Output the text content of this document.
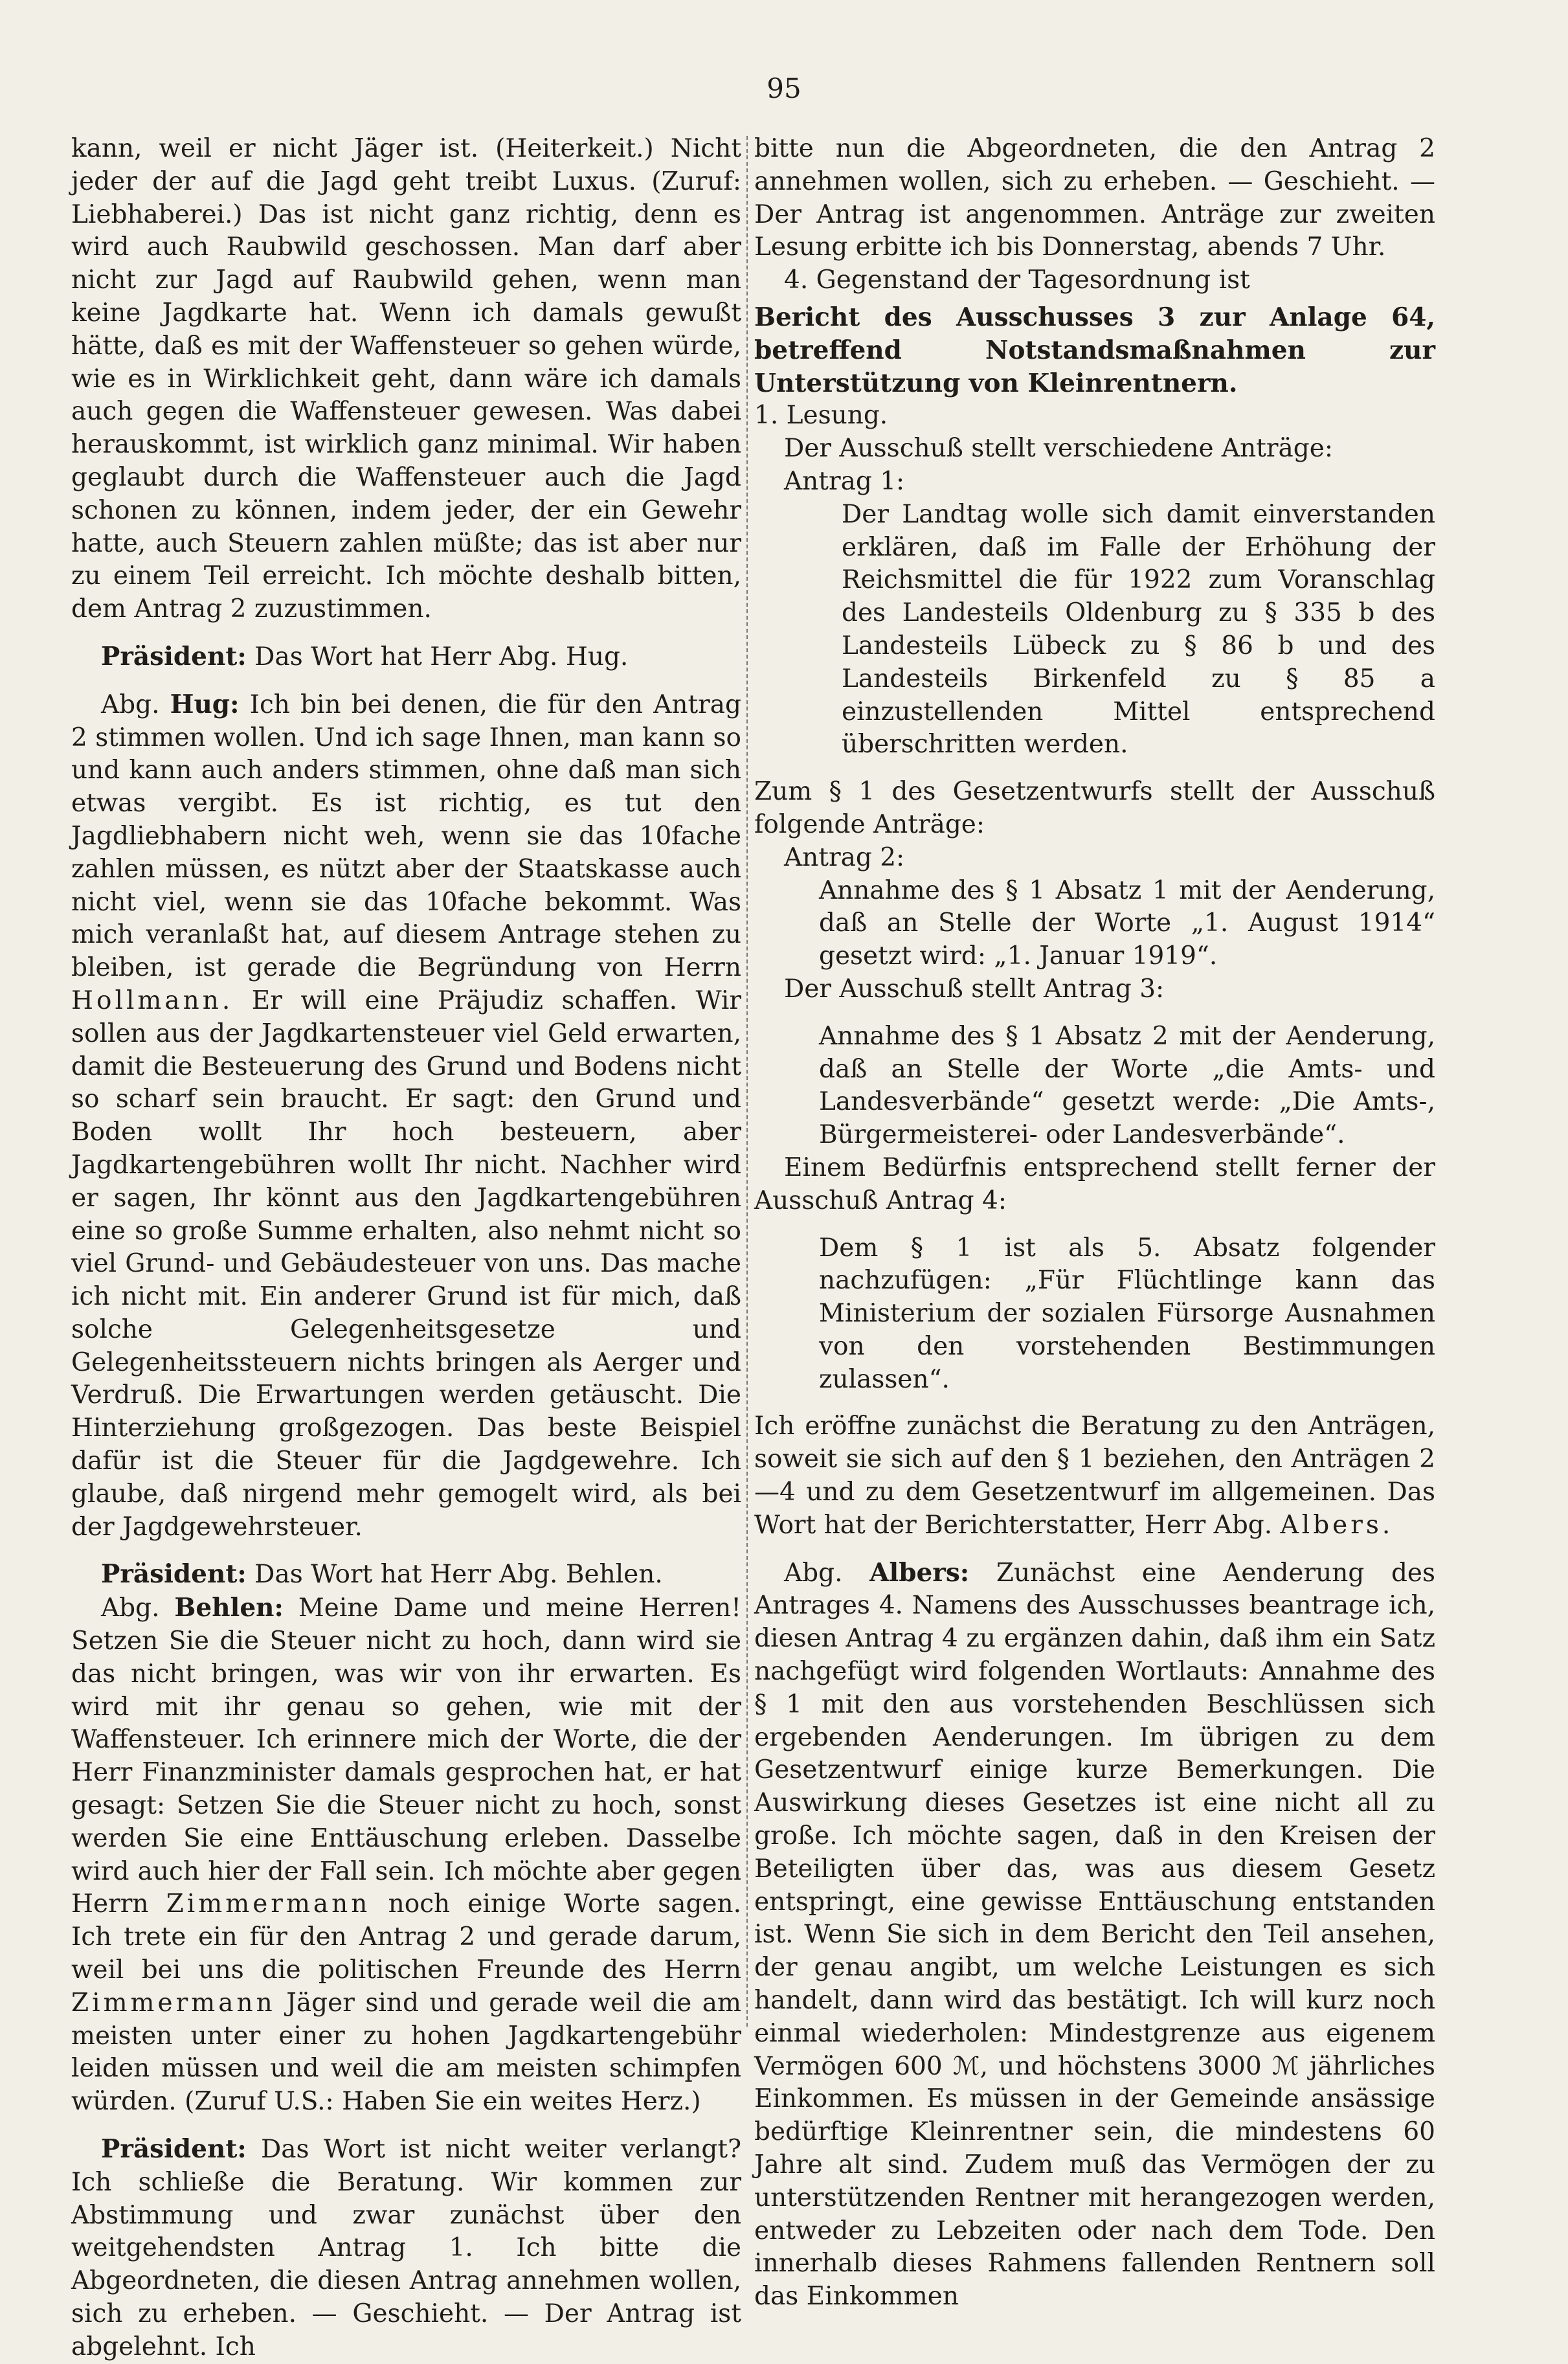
95

kann, weil er nicht Jäger ist. (Heiterkeit.) Nicht jeder der auf die Jagd geht treibt Luxus. (Zuruf: Liebhaberei.) Das ist nicht ganz richtig, denn es wird auch Raubwild geschossen. Man darf aber nicht zur Jagd auf Raubwild gehen, wenn man keine Jagdkarte hat. Wenn ich damals gewußt hätte, daß es mit der Waffensteuer so gehen würde, wie es in Wirklichkeit geht, dann wäre ich damals auch gegen die Waffensteuer gewesen. Was dabei herauskommt, ist wirklich ganz minimal. Wir haben geglaubt durch die Waffensteuer auch die Jagd schonen zu können, indem jeder, der ein Gewehr hatte, auch Steuern zahlen müßte; das ist aber nur zu einem Teil erreicht. Ich möchte deshalb bitten, dem Antrag 2 zuzustimmen.

Präsident: Das Wort hat Herr Abg. Hug.

Abg. Hug: Ich bin bei denen, die für den Antrag 2 stimmen wollen. Und ich sage Ihnen, man kann so und kann auch anders stimmen, ohne daß man sich etwas vergibt. Es ist richtig, es tut den Jagdliebhabern nicht weh, wenn sie das 10fache zahlen müssen, es nützt aber der Staatskasse auch nicht viel, wenn sie das 10fache bekommt. Was mich veranlaßt hat, auf diesem Antrage stehen zu bleiben, ist gerade die Begründung von Herrn Hollmann. Er will eine Präjudiz schaffen. Wir sollen aus der Jagdkartensteuer viel Geld erwarten, damit die Besteuerung des Grund und Bodens nicht so scharf sein braucht. Er sagt: den Grund und Boden wollt Ihr hoch besteuern, aber Jagdkartengebühren wollt Ihr nicht. Nachher wird er sagen, Ihr könnt aus den Jagdkartengebühren eine so große Summe erhalten, also nehmt nicht so viel Grund- und Gebäudesteuer von uns. Das mache ich nicht mit. Ein anderer Grund ist für mich, daß solche Gelegenheitsgesetze und Gelegenheitssteuern nichts bringen als Aerger und Verdruß. Die Erwartungen werden getäuscht. Die Hinterziehung großgezogen. Das beste Beispiel dafür ist die Steuer für die Jagdgewehre. Ich glaube, daß nirgend mehr gemogelt wird, als bei der Jagdgewehrsteuer.

Präsident: Das Wort hat Herr Abg. Behlen.

Abg. Behlen: Meine Dame und meine Herren! Setzen Sie die Steuer nicht zu hoch, dann wird sie das nicht bringen, was wir von ihr erwarten. Es wird mit ihr genau so gehen, wie mit der Waffensteuer. Ich erinnere mich der Worte, die der Herr Finanzminister damals gesprochen hat, er hat gesagt: Setzen Sie die Steuer nicht zu hoch, sonst werden Sie eine Enttäuschung erleben. Dasselbe wird auch hier der Fall sein. Ich möchte aber gegen Herrn Zimmermann noch einige Worte sagen. Ich trete ein für den Antrag 2 und gerade darum, weil bei uns die politischen Freunde des Herrn Zimmermann Jäger sind und gerade weil die am meisten unter einer zu hohen Jagdkartengebühr leiden müssen und weil die am meisten schimpfen würden. (Zuruf U.S.: Haben Sie ein weites Herz.)

Präsident: Das Wort ist nicht weiter verlangt? Ich schließe die Beratung. Wir kommen zur Abstimmung und zwar zunächst über den weitgehendsten Antrag 1. Ich bitte die Abgeordneten, die diesen Antrag annehmen wollen, sich zu erheben. — Geschieht. — Der Antrag ist abgelehnt. Ich

bitte nun die Abgeordneten, die den Antrag 2 annehmen wollen, sich zu erheben. — Geschieht. — Der Antrag ist angenommen. Anträge zur zweiten Lesung erbitte ich bis Donnerstag, abends 7 Uhr.

4. Gegenstand der Tagesordnung ist

Bericht des Ausschusses 3 zur Anlage 64, betreffend Notstandsmaßnahmen zur Unterstützung von Kleinrentnern.

1. Lesung.

Der Ausschuß stellt verschiedene Anträge:

Antrag 1:

Der Landtag wolle sich damit einverstanden erklären, daß im Falle der Erhöhung der Reichsmittel die für 1922 zum Voranschlag des Landesteils Oldenburg zu § 335 b des Landesteils Lübeck zu § 86 b und des Landesteils Birkenfeld zu § 85 a einzustellenden Mittel entsprechend überschritten werden.

Zum § 1 des Gesetzentwurfs stellt der Ausschuß folgende Anträge:

Antrag 2:

Annahme des § 1 Absatz 1 mit der Aenderung, daß an Stelle der Worte „1. August 1914“ gesetzt wird: „1. Januar 1919“.

Der Ausschuß stellt Antrag 3:

Annahme des § 1 Absatz 2 mit der Aenderung, daß an Stelle der Worte „die Amts- und Landesverbände“ gesetzt werde: „Die Amts-, Bürgermeisterei- oder Landesverbände“.

Einem Bedürfnis entsprechend stellt ferner der Ausschuß Antrag 4:

Dem § 1 ist als 5. Absatz folgender nachzufügen: „Für Flüchtlinge kann das Ministerium der sozialen Fürsorge Ausnahmen von den vorstehenden Bestimmungen zulassen“.

Ich eröffne zunächst die Beratung zu den Anträgen, soweit sie sich auf den § 1 beziehen, den Anträgen 2—4 und zu dem Gesetzentwurf im allgemeinen. Das Wort hat der Berichterstatter, Herr Abg. Albers.

Abg. Albers: Zunächst eine Aenderung des Antrages 4. Namens des Ausschusses beantrage ich, diesen Antrag 4 zu ergänzen dahin, daß ihm ein Satz nachgefügt wird folgenden Wortlauts: Annahme des § 1 mit den aus vorstehenden Beschlüssen sich ergebenden Aenderungen. Im übrigen zu dem Gesetzentwurf einige kurze Bemerkungen. Die Auswirkung dieses Gesetzes ist eine nicht all zu große. Ich möchte sagen, daß in den Kreisen der Beteiligten über das, was aus diesem Gesetz entspringt, eine gewisse Enttäuschung entstanden ist. Wenn Sie sich in dem Bericht den Teil ansehen, der genau angibt, um welche Leistungen es sich handelt, dann wird das bestätigt. Ich will kurz noch einmal wiederholen: Mindestgrenze aus eigenem Vermögen 600 ℳ, und höchstens 3000 ℳ jährliches Einkommen. Es müssen in der Gemeinde ansässige bedürftige Kleinrentner sein, die mindestens 60 Jahre alt sind. Zudem muß das Vermögen der zu unterstützenden Rentner mit herangezogen werden, entweder zu Lebzeiten oder nach dem Tode. Den innerhalb dieses Rahmens fallenden Rentnern soll das Einkommen
